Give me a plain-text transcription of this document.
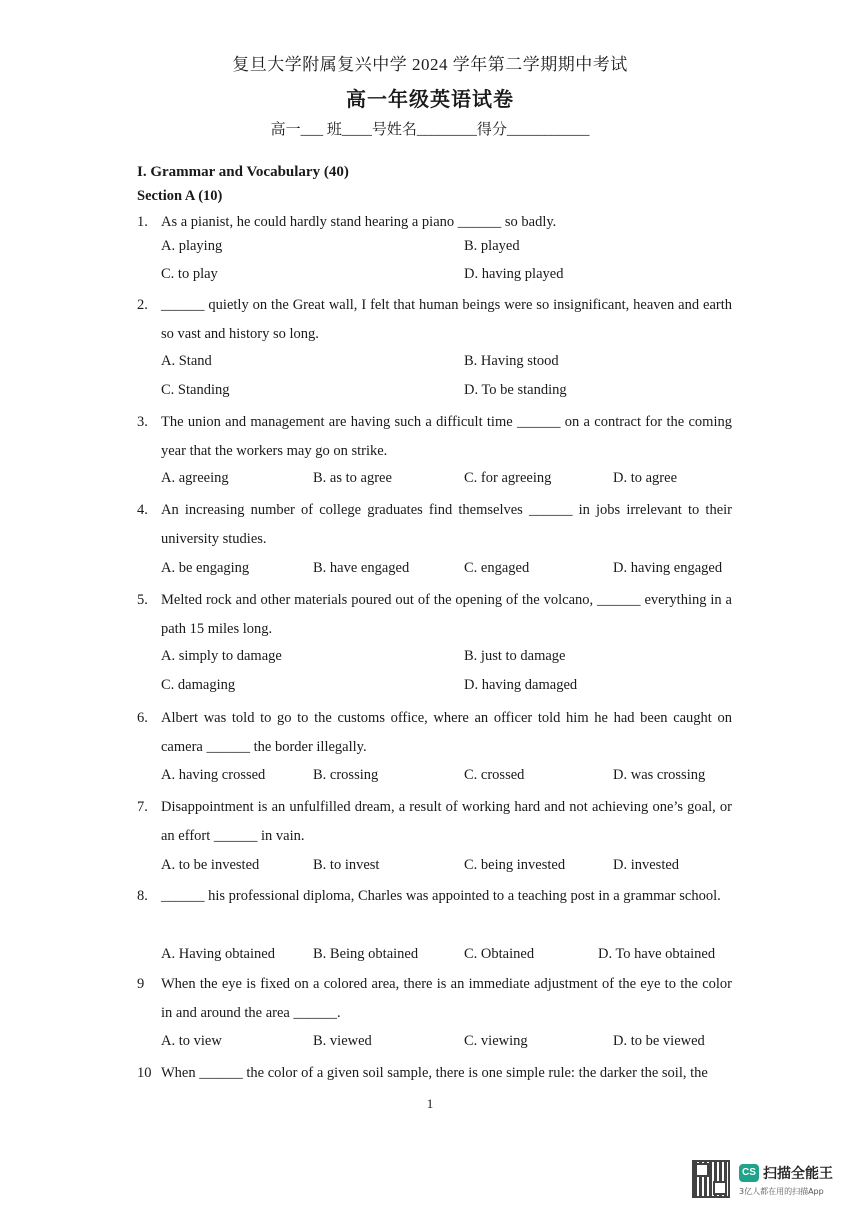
复旦大学附属复兴中学 2024 学年第二学期期中考试
高一年级英语试卷
高一___ 班____号姓名________得分___________
I. Grammar and Vocabulary (40)
Section A (10)
1. As a pianist, he could hardly stand hearing a piano ______ so badly.
A. playing	B. played
C. to play	D. having played
2. ______ quietly on the Great wall, I felt that human beings were so insignificant, heaven and earth so vast and history so long.
A. Stand	B. Having stood
C. Standing	D. To be standing
3. The union and management are having such a difficult time ______ on a contract for the coming year that the workers may go on strike.
A. agreeing	B. as to agree	C. for agreeing	D. to agree
4. An increasing number of college graduates find themselves ______ in jobs irrelevant to their university studies.
A. be engaging	B. have engaged	C. engaged	D. having engaged
5. Melted rock and other materials poured out of the opening of the volcano, ______ everything in a path 15 miles long.
A. simply to damage	B. just to damage
C. damaging	D. having damaged
6. Albert was told to go to the customs office, where an officer told him he had been caught on camera ______ the border illegally.
A. having crossed	B. crossing	C. crossed	D. was crossing
7. Disappointment is an unfulfilled dream, a result of working hard and not achieving one’s goal, or an effort ______ in vain.
A. to be invested	B. to invest	C. being invested	D. invested
8. ______ his professional diploma, Charles was appointed to a teaching post in a grammar school.
A. Having obtained	B. Being obtained	C. Obtained	D. To have obtained
9	When the eye is fixed on a colored area, there is an immediate adjustment of the eye to the color in and around the area ______.
A. to view	B. viewed	C. viewing	D. to be viewed
10 When ______ the color of a given soil sample, there is one simple rule: the darker the soil, the
1
CS 扫描全能王
3亿人都在用的扫描App
